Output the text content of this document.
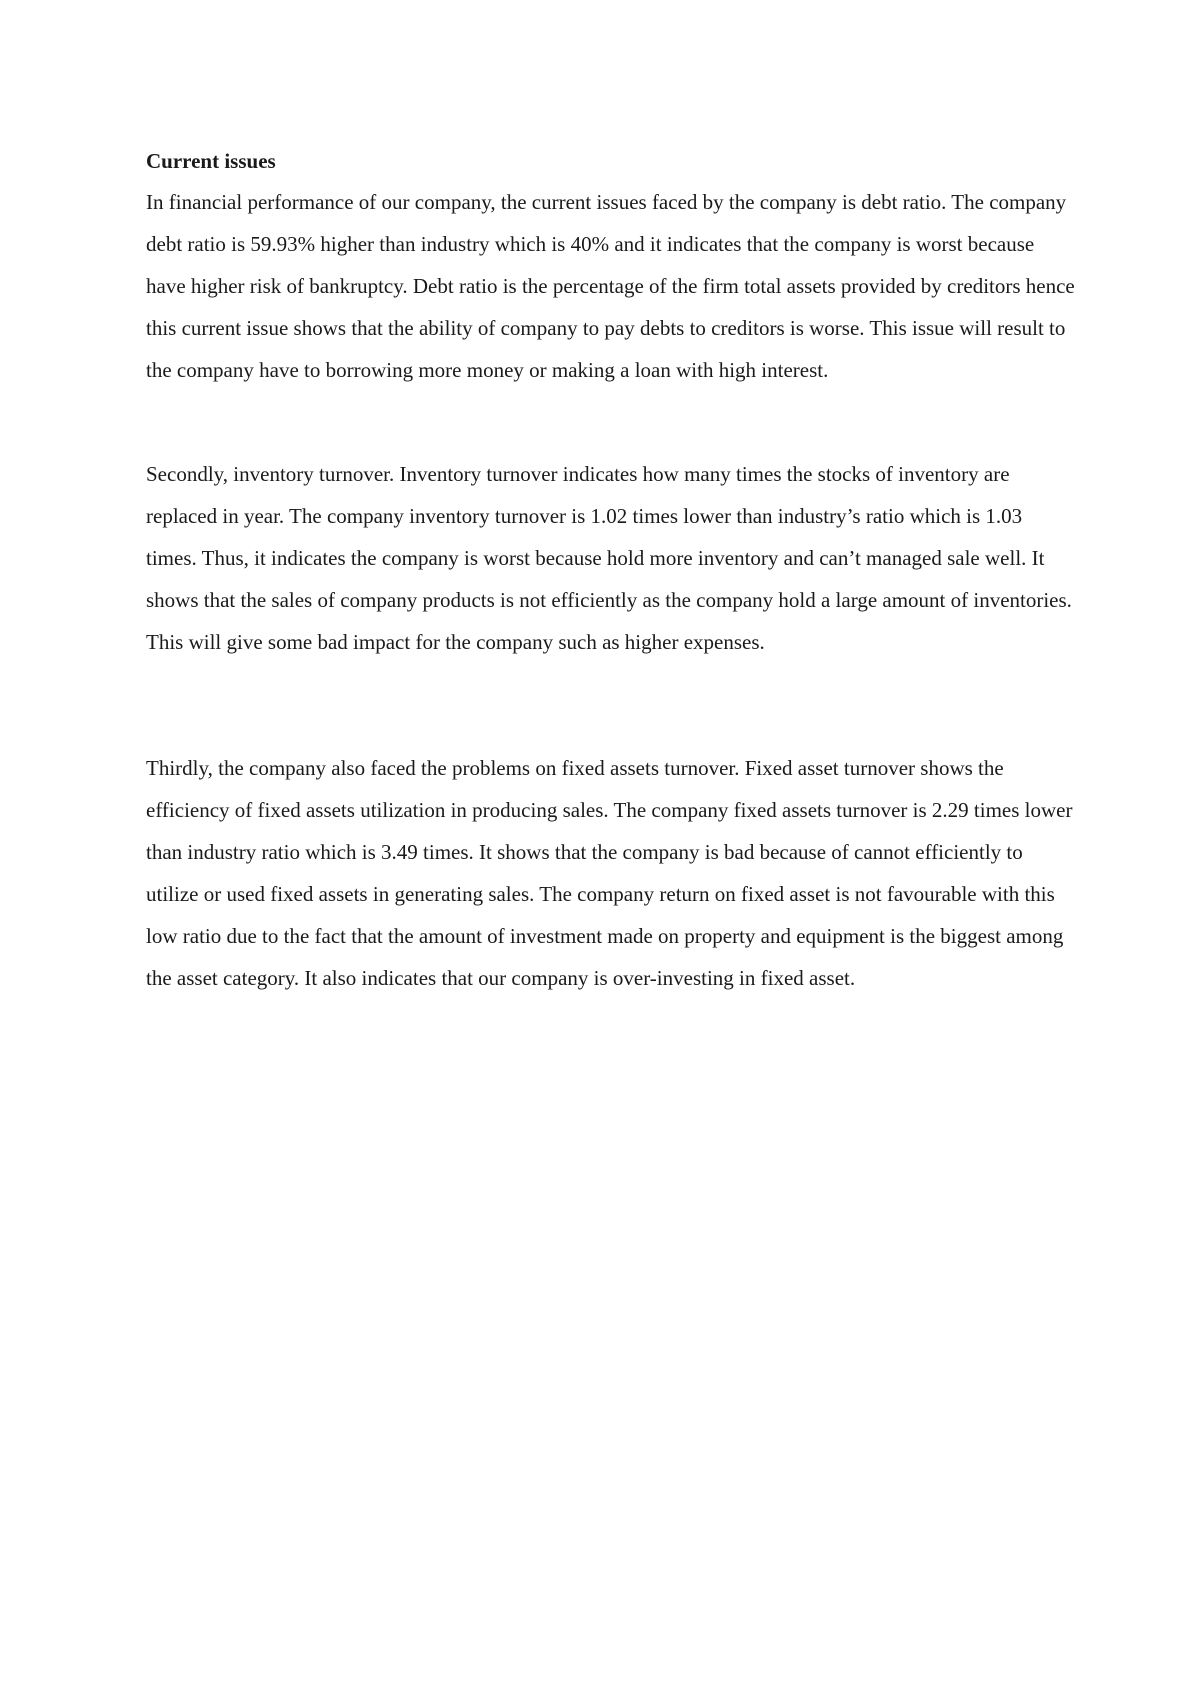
Current issues

In financial performance of our company, the current issues faced by the company is debt ratio. The company debt ratio is 59.93% higher than industry which is 40% and it indicates that the company is worst because have higher risk of bankruptcy. Debt ratio is the percentage of the firm total assets provided by creditors hence this current issue shows that the ability of company to pay debts to creditors is worse. This issue will result to the company have to borrowing more money or making a loan with high interest.

Secondly, inventory turnover. Inventory turnover indicates how many times the stocks of inventory are replaced in year. The company inventory turnover is 1.02 times lower than industry’s ratio which is 1.03 times. Thus, it indicates the company is worst because hold more inventory and can’t managed sale well. It shows that the sales of company products is not efficiently as the company hold a large amount of inventories. This will give some bad impact for the company such as higher expenses.

Thirdly, the company also faced the problems on fixed assets turnover. Fixed asset turnover shows the efficiency of fixed assets utilization in producing sales. The company fixed assets turnover is 2.29 times lower than industry ratio which is 3.49 times. It shows that the company is bad because of cannot efficiently to utilize or used fixed assets in generating sales. The company return on fixed asset is not favourable with this low ratio due to the fact that the amount of investment made on property and equipment is the biggest among the asset category. It also indicates that our company is over-investing in fixed asset.
